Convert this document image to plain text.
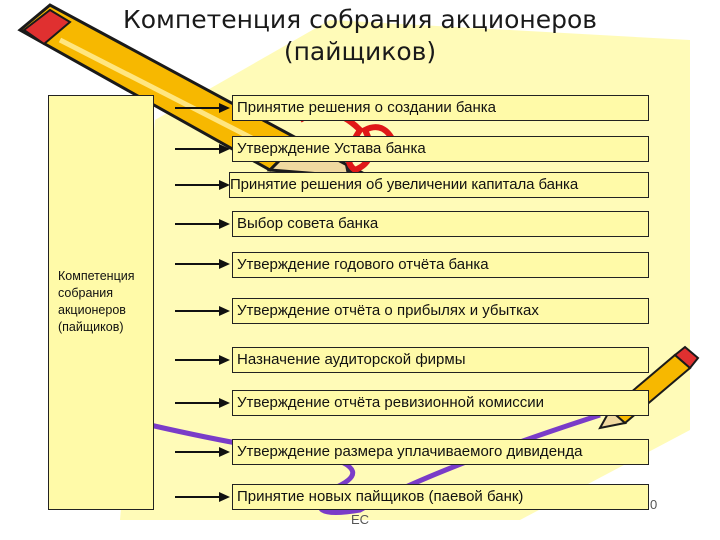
Компетенция собрания акционеров
(пайщиков)
Компетенция
собрания
акционеров
(пайщиков)
Принятие решения о создании банка
Утверждение Устава банка
Принятие решения об увеличении капитала банка
Выбор совета банка
Утверждение годового отчёта банка
Утверждение отчёта о прибылях и убытках
Назначение аудиторской фирмы
Утверждение отчёта ревизионной комиссии
Утверждение размера уплачиваемого дивиденда
Принятие новых пайщиков (паевой банк)
ЕС
0
